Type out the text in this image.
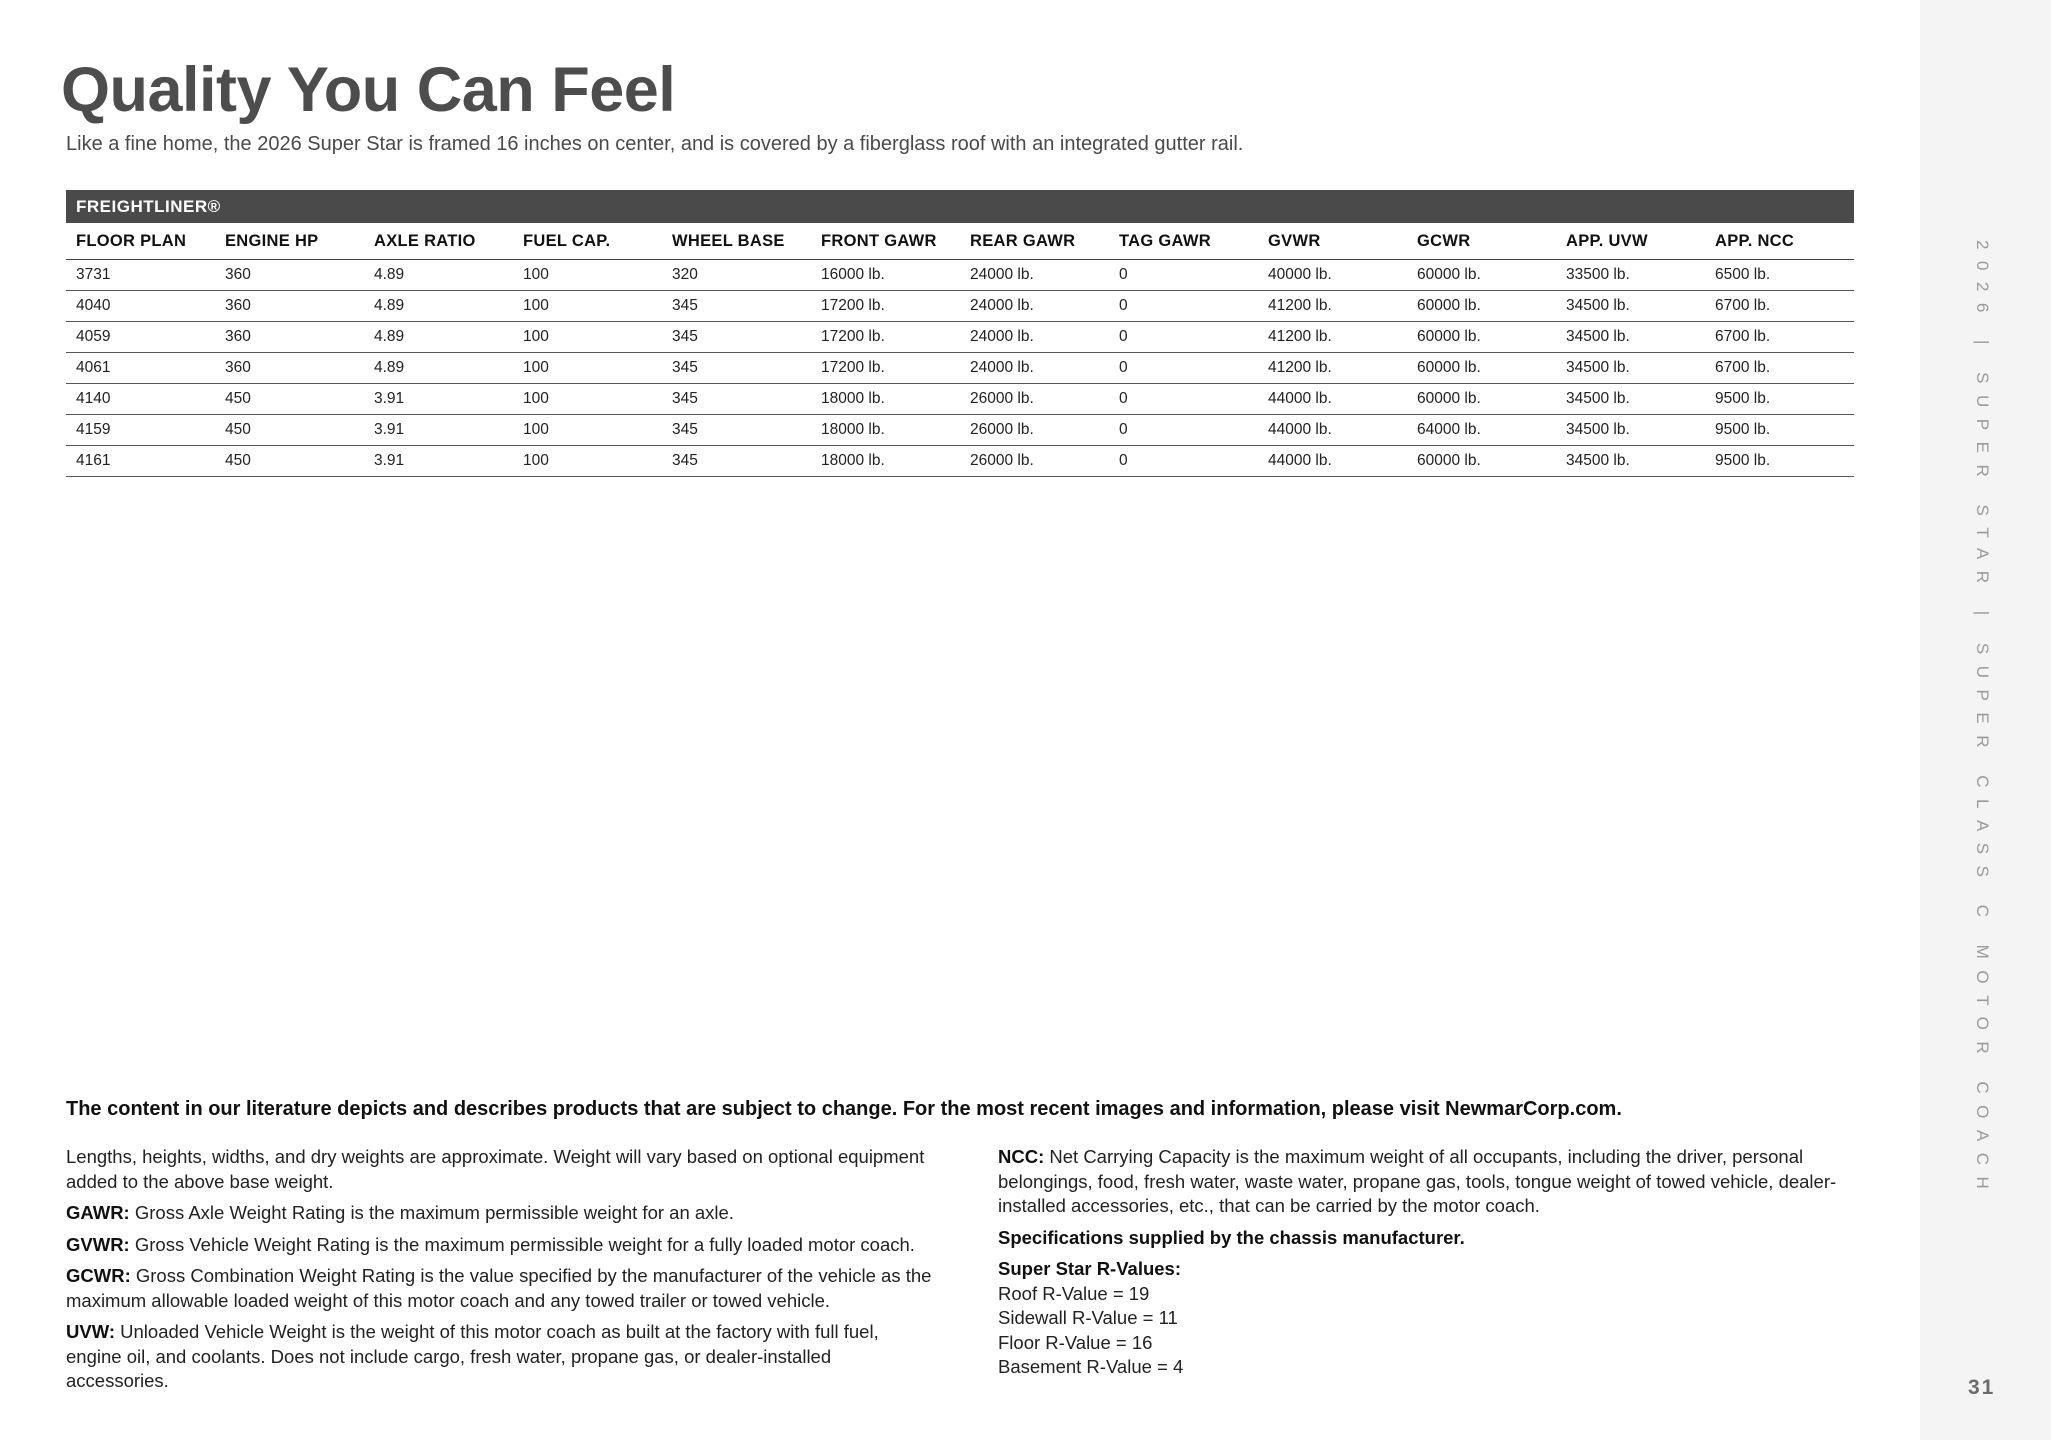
Quality You Can Feel
Like a fine home, the 2026 Super Star is framed 16 inches on center, and is covered by a fiberglass roof with an integrated gutter rail.
FREIGHTLINER®											
FLOOR PLAN	ENGINE HP	AXLE RATIO	FUEL CAP.	WHEEL BASE	FRONT GAWR	REAR GAWR	TAG GAWR	GVWR	GCWR	APP. UVW	APP. NCC
3731	360	4.89	100	320	16000 lb.	24000 lb.	0	40000 lb.	60000 lb.	33500 lb.	6500 lb.
4040	360	4.89	100	345	17200 lb.	24000 lb.	0	41200 lb.	60000 lb.	34500 lb.	6700 lb.
4059	360	4.89	100	345	17200 lb.	24000 lb.	0	41200 lb.	60000 lb.	34500 lb.	6700 lb.
4061	360	4.89	100	345	17200 lb.	24000 lb.	0	41200 lb.	60000 lb.	34500 lb.	6700 lb.
4140	450	3.91	100	345	18000 lb.	26000 lb.	0	44000 lb.	60000 lb.	34500 lb.	9500 lb.
4159	450	3.91	100	345	18000 lb.	26000 lb.	0	44000 lb.	64000 lb.	34500 lb.	9500 lb.
4161	450	3.91	100	345	18000 lb.	26000 lb.	0	44000 lb.	60000 lb.	34500 lb.	9500 lb.
The content in our literature depicts and describes products that are subject to change. For the most recent images and information, please visit NewmarCorp.com.

Lengths, heights, widths, and dry weights are approximate. Weight will vary based on optional equipment added to the above base weight.

GAWR: Gross Axle Weight Rating is the maximum permissible weight for an axle.

GVWR: Gross Vehicle Weight Rating is the maximum permissible weight for a fully loaded motor coach.

GCWR: Gross Combination Weight Rating is the value specified by the manufacturer of the vehicle as the maximum allowable loaded weight of this motor coach and any towed trailer or towed vehicle.

UVW: Unloaded Vehicle Weight is the weight of this motor coach as built at the factory with full fuel, engine oil, and coolants. Does not include cargo, fresh water, propane gas, or dealer-installed accessories.

NCC: Net Carrying Capacity is the maximum weight of all occupants, including the driver, personal belongings, food, fresh water, waste water, propane gas, tools, tongue weight of towed vehicle, dealer-installed accessories, etc., that can be carried by the motor coach.

Specifications supplied by the chassis manufacturer.

Super Star R-Values:
Roof R-Value = 19
Sidewall R-Value = 11
Floor R-Value = 16
Basement R-Value = 4
2026 | SUPER STAR | SUPER CLASS C MOTOR COACH
31
